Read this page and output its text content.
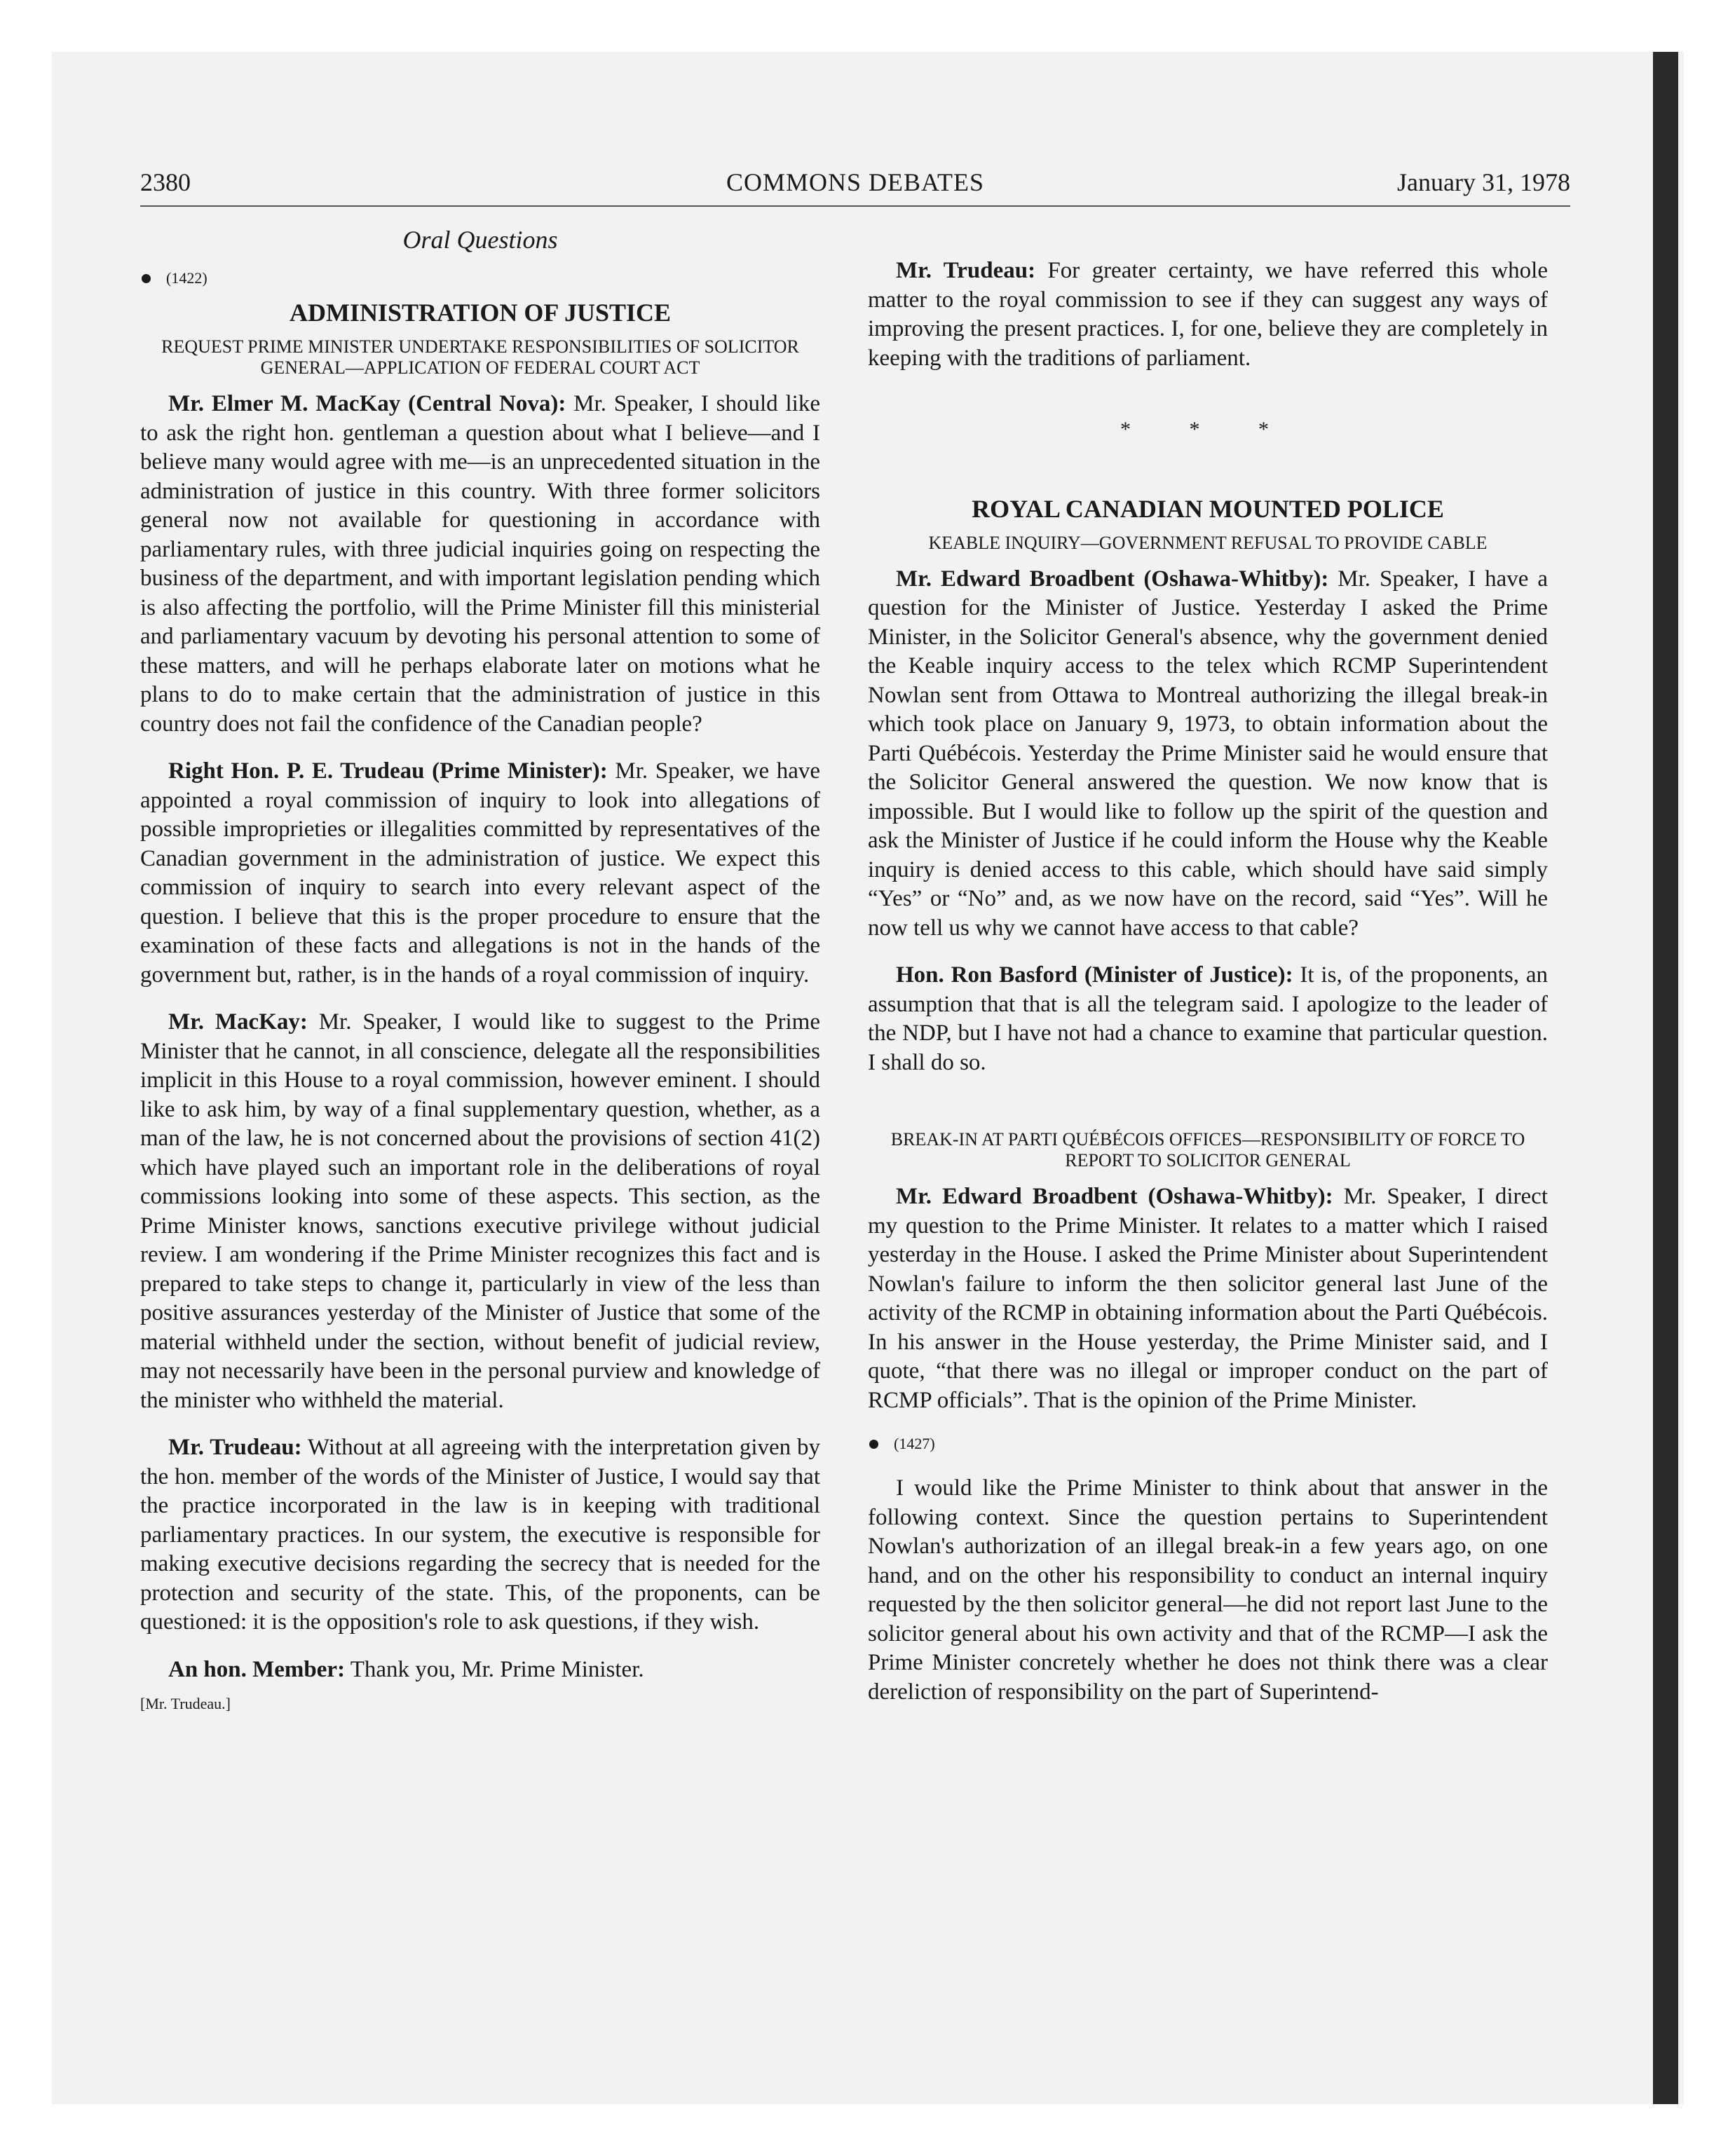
2380	COMMONS DEBATES	January 31, 1978
Oral Questions
(1422)
ADMINISTRATION OF JUSTICE
REQUEST PRIME MINISTER UNDERTAKE RESPONSIBILITIES OF SOLICITOR GENERAL—APPLICATION OF FEDERAL COURT ACT

Mr. Elmer M. MacKay (Central Nova): Mr. Speaker, I should like to ask the right hon. gentleman a question about what I believe—and I believe many would agree with me—is an unprecedented situation in the administration of justice in this country. With three former solicitors general now not available for questioning in accordance with parliamentary rules, with three judicial inquiries going on respecting the business of the department, and with important legislation pending which is also affecting the portfolio, will the Prime Minister fill this ministerial and parliamentary vacuum by devoting his personal attention to some of these matters, and will he perhaps elaborate later on motions what he plans to do to make certain that the administration of justice in this country does not fail the confidence of the Canadian people?

Right Hon. P. E. Trudeau (Prime Minister): Mr. Speaker, we have appointed a royal commission of inquiry to look into allegations of possible improprieties or illegalities committed by representatives of the Canadian government in the administration of justice. We expect this commission of inquiry to search into every relevant aspect of the question. I believe that this is the proper procedure to ensure that the examination of these facts and allegations is not in the hands of the government but, rather, is in the hands of a royal commission of inquiry.

Mr. MacKay: Mr. Speaker, I would like to suggest to the Prime Minister that he cannot, in all conscience, delegate all the responsibilities implicit in this House to a royal commission, however eminent. I should like to ask him, by way of a final supplementary question, whether, as a man of the law, he is not concerned about the provisions of section 41(2) which have played such an important role in the deliberations of royal commissions looking into some of these aspects. This section, as the Prime Minister knows, sanctions executive privilege without judicial review. I am wondering if the Prime Minister recognizes this fact and is prepared to take steps to change it, particularly in view of the less than positive assurances yesterday of the Minister of Justice that some of the material withheld under the section, without benefit of judicial review, may not necessarily have been in the personal purview and knowledge of the minister who withheld the material.

Mr. Trudeau: Without at all agreeing with the interpretation given by the hon. member of the words of the Minister of Justice, I would say that the practice incorporated in the law is in keeping with traditional parliamentary practices. In our system, the executive is responsible for making executive decisions regarding the secrecy that is needed for the protection and security of the state. This, of the proponents, can be questioned: it is the opposition's role to ask questions, if they wish.

An hon. Member: Thank you, Mr. Prime Minister.

[Mr. Trudeau.]

Mr. Trudeau: For greater certainty, we have referred this whole matter to the royal commission to see if they can suggest any ways of improving the present practices. I, for one, believe they are completely in keeping with the traditions of parliament.

* * *
ROYAL CANADIAN MOUNTED POLICE
KEABLE INQUIRY—GOVERNMENT REFUSAL TO PROVIDE CABLE

Mr. Edward Broadbent (Oshawa-Whitby): Mr. Speaker, I have a question for the Minister of Justice. Yesterday I asked the Prime Minister, in the Solicitor General's absence, why the government denied the Keable inquiry access to the telex which RCMP Superintendent Nowlan sent from Ottawa to Montreal authorizing the illegal break-in which took place on January 9, 1973, to obtain information about the Parti Québécois. Yesterday the Prime Minister said he would ensure that the Solicitor General answered the question. We now know that is impossible. But I would like to follow up the spirit of the question and ask the Minister of Justice if he could inform the House why the Keable inquiry is denied access to this cable, which should have said simply “Yes” or “No” and, as we now have on the record, said “Yes”. Will he now tell us why we cannot have access to that cable?

Hon. Ron Basford (Minister of Justice): It is, of the proponents, an assumption that that is all the telegram said. I apologize to the leader of the NDP, but I have not had a chance to examine that particular question. I shall do so.

BREAK-IN AT PARTI QUÉBÉCOIS OFFICES—RESPONSIBILITY OF FORCE TO REPORT TO SOLICITOR GENERAL

Mr. Edward Broadbent (Oshawa-Whitby): Mr. Speaker, I direct my question to the Prime Minister. It relates to a matter which I raised yesterday in the House. I asked the Prime Minister about Superintendent Nowlan's failure to inform the then solicitor general last June of the activity of the RCMP in obtaining information about the Parti Québécois. In his answer in the House yesterday, the Prime Minister said, and I quote, “that there was no illegal or improper conduct on the part of RCMP officials”. That is the opinion of the Prime Minister.

(1427)

I would like the Prime Minister to think about that answer in the following context. Since the question pertains to Superintendent Nowlan's authorization of an illegal break-in a few years ago, on one hand, and on the other his responsibility to conduct an internal inquiry requested by the then solicitor general—he did not report last June to the solicitor general about his own activity and that of the RCMP—I ask the Prime Minister concretely whether he does not think there was a clear dereliction of responsibility on the part of Superintend-
